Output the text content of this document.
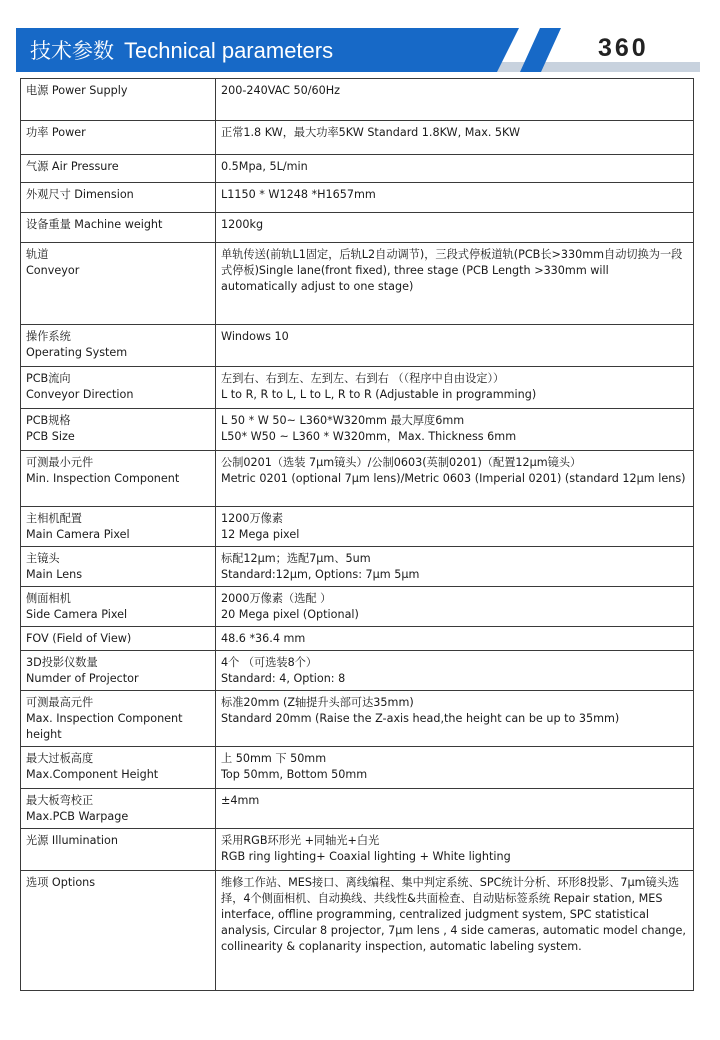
技术参数 Technical parameters	360
电源 Power Supply	200-240VAC 50/60Hz

功率 Power	正常1.8 KW，最大功率5KW Standard 1.8KW, Max. 5KW

气源 Air Pressure	0.5Mpa, 5L/min

外观尺寸 Dimension	L1150 * W1248 *H1657mm

设备重量 Machine weight	1200kg

轨道
Conveyor	单轨传送(前轨L1固定，后轨L2自动调节)，三段式停板道轨(PCB长>330mm自动切换为一段式停板)Single lane(front fixed), three stage (PCB Length >330mm will automatically adjust to one stage)

操作系统
Operating System	Windows 10

PCB流向
Conveyor Direction	左到右、右到左、左到左、右到右 （（程序中自由设定））
L to R, R to L, L to L, R to R (Adjustable in programming)

PCB规格
PCB Size	L 50 * W 50~ L360*W320mm 最大厚度6mm
L50* W50 ~ L360 * W320mm，Max. Thickness 6mm

可测最小元件
Min. Inspection Component	公制0201（选装 7μm镜头）/公制0603(英制0201)（配置12μm镜头）
Metric 0201 (optional 7μm lens)/Metric 0603 (Imperial 0201) (standard 12μm lens)

主相机配置
Main Camera Pixel	1200万像素
12 Mega pixel

主镜头
Main Lens	标配12μm；选配7μm、5um
Standard:12μm, Options: 7μm 5μm

侧面相机
Side Camera Pixel	2000万像素（选配 ）
20 Mega pixel (Optional)

FOV (Field of View)	48.6 *36.4 mm

3D投影仪数量
Numder of Projector	4个 （可选装8个）
Standard: 4, Option: 8

可测最高元件
Max. Inspection Component height	标准20mm (Z轴提升头部可达35mm)
Standard 20mm (Raise the Z-axis head,the height can be up to 35mm)

最大过板高度
Max.Component Height	上 50mm 下 50mm
Top 50mm, Bottom 50mm

最大板弯校正
Max.PCB Warpage	±4mm

光源 Illumination	采用RGB环形光 +同轴光+白光
RGB ring lighting+ Coaxial lighting + White lighting

选项 Options	维修工作站、MES接口、离线编程、集中判定系统、SPC统计分析、环形8投影、7μm镜头选择，4个侧面相机、自动换线、共线性&共面检查、自动贴标签系统 Repair station, MES interface, offline programming, centralized judgment system, SPC statistical analysis, Circular 8 projector, 7μm lens , 4 side cameras, automatic model change, collinearity & coplanarity inspection, automatic labeling system.
